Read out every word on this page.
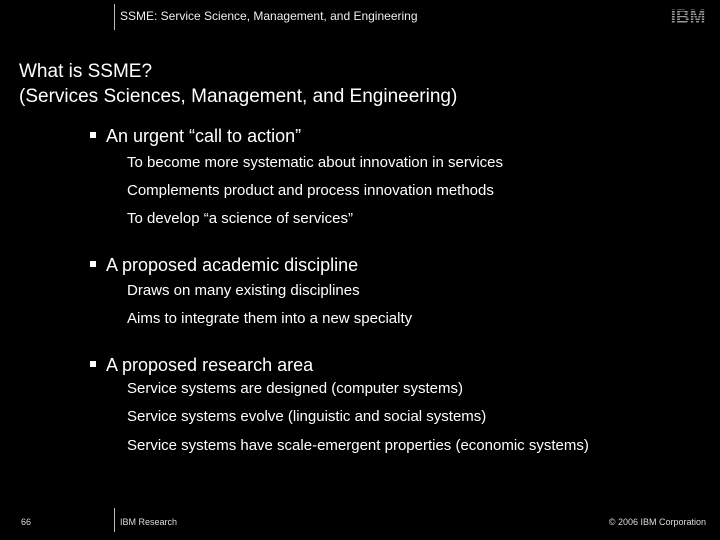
SSME: Service Science, Management, and Engineering	IBM
What is SSME?
(Services Sciences, Management, and Engineering)
An urgent “call to action”
To become more systematic about innovation in services
Complements product and process innovation methods
To develop “a science of services”
A proposed academic discipline
Draws on many existing disciplines
Aims to integrate them into a new specialty
A proposed research area
Service systems are designed (computer systems)
Service systems evolve (linguistic and social systems)
Service systems have scale-emergent properties (economic systems)
66	IBM Research	© 2006 IBM Corporation
